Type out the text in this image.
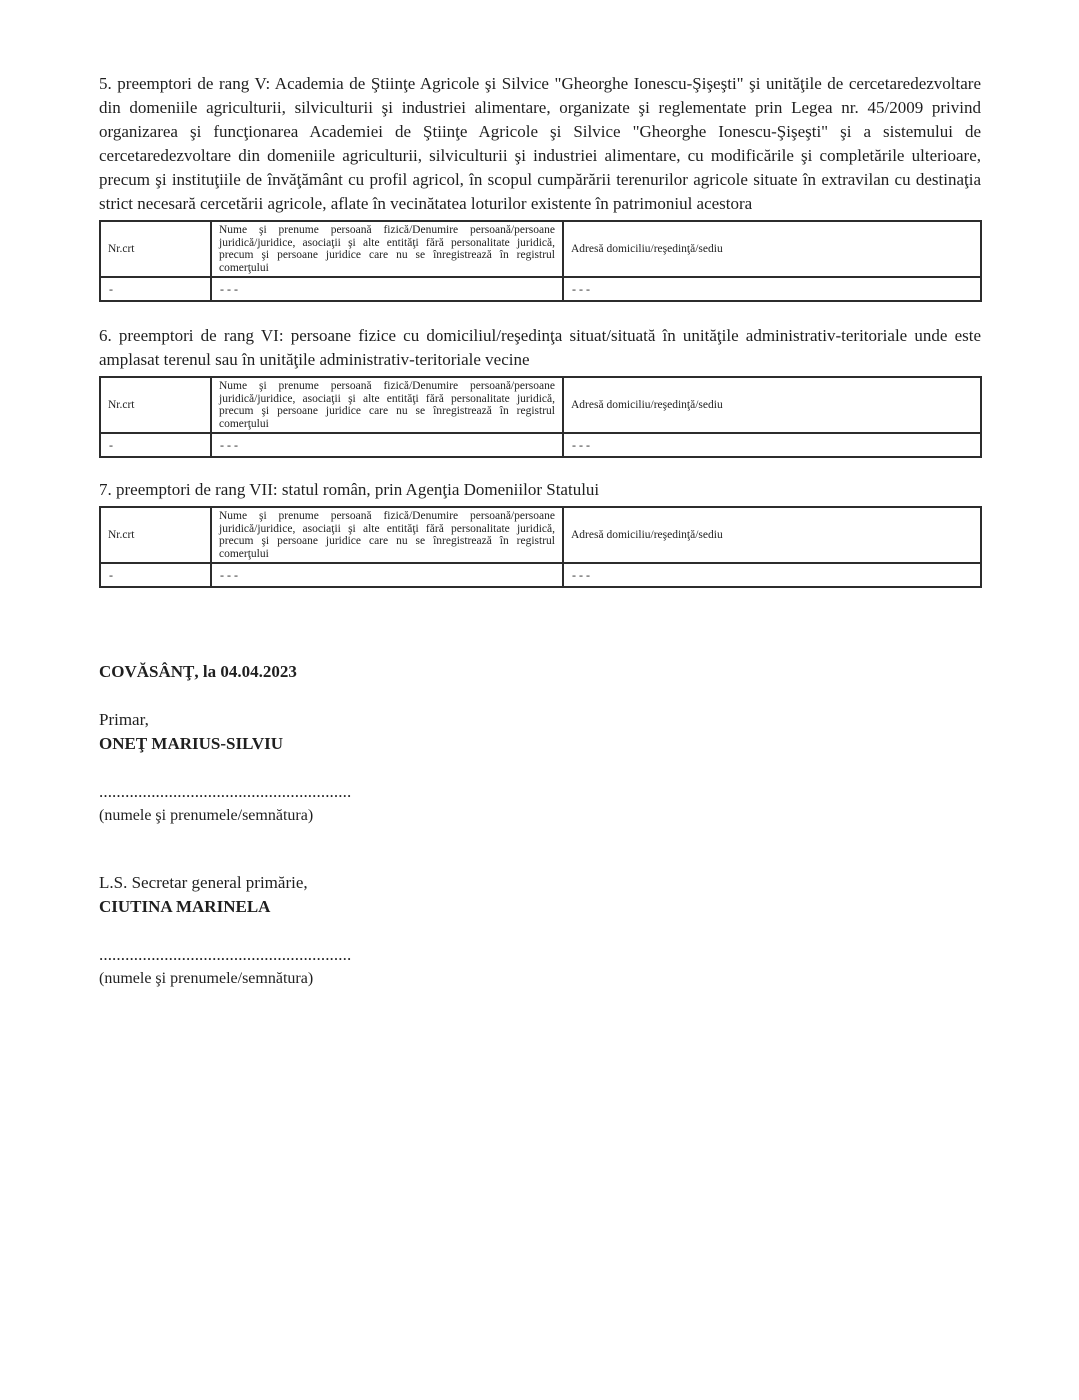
5. preemptori de rang V: Academia de Ştiinţe Agricole şi Silvice "Gheorghe Ionescu-Şişeşti" şi unităţile de cercetaredezvoltare din domeniile agriculturii, silviculturii şi industriei alimentare, organizate şi reglementate prin Legea nr. 45/2009 privind organizarea şi funcţionarea Academiei de Ştiinţe Agricole şi Silvice "Gheorghe Ionescu-Şişeşti" şi a sistemului de cercetaredezvoltare din domeniile agriculturii, silviculturii şi industriei alimentare, cu modificările şi completările ulterioare, precum şi instituţiile de învăţământ cu profil agricol, în scopul cumpărării terenurilor agricole situate în extravilan cu destinaţia strict necesară cercetării agricole, aflate în vecinătatea loturilor existente în patrimoniul acestora

Nr.crt	Nume şi prenume persoană fizică/Denumire persoană/persoane juridică/juridice, asociaţii şi alte entităţi fără personalitate juridică, precum şi persoane juridice care nu se înregistrează în registrul comerţului	Adresă domiciliu/reşedinţă/sediu
-	- - -	- - -

6. preemptori de rang VI: persoane fizice cu domiciliul/reşedinţa situat/situată în unităţile administrativ-teritoriale unde este amplasat terenul sau în unităţile administrativ-teritoriale vecine

Nr.crt	Nume şi prenume persoană fizică/Denumire persoană/persoane juridică/juridice, asociaţii şi alte entităţi fără personalitate juridică, precum şi persoane juridice care nu se înregistrează în registrul comerţului	Adresă domiciliu/reşedinţă/sediu
-	- - -	- - -

7. preemptori de rang VII: statul român, prin Agenţia Domeniilor Statului

Nr.crt	Nume şi prenume persoană fizică/Denumire persoană/persoane juridică/juridice, asociaţii şi alte entităţi fără personalitate juridică, precum şi persoane juridice care nu se înregistrează în registrul comerţului	Adresă domiciliu/reşedinţă/sediu
-	- - -	- - -
COVĂSÂNŢ, la 04.04.2023
Primar,
ONEŢ MARIUS-SILVIU
..........................................................
(numele şi prenumele/semnătura)
L.S. Secretar general primărie,
CIUTINA MARINELA
..........................................................
(numele şi prenumele/semnătura)
